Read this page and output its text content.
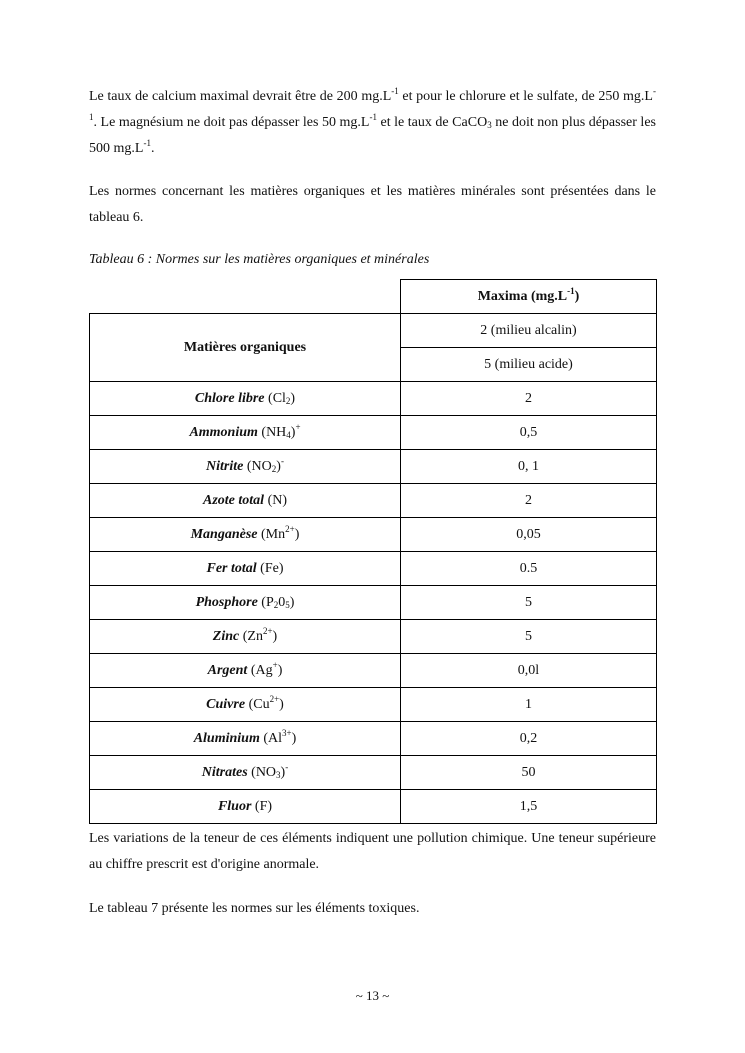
Le taux de calcium maximal devrait être de 200 $mg.L^{-1}$ et pour le chlorure et le sulfate, de 250 $mg.L^{-1}$. Le magnésium ne doit pas dépasser les 50 $mg.L^{-1}$ et le taux de CaCO$_3$ ne doit non plus dépasser les 500 $mg.L^{-1}$.

Les normes concernant les matières organiques et les matières minérales sont présentées dans le tableau 6.

Tableau 6 : Normes sur les matières organiques et minérales

	Maxima $(mg.L^{-1})$
Matières organiques	2 (milieu alcalin)
	5 (milieu acide)
Chlore libre $(Cl_2)$	2
Ammonium $(NH_4)^+$	0,5
Nitrite $(NO_2)^-$	0, 1
Azote total (N)	2
Manganèse $(Mn^{2+})$	0,05
Fer total (Fe)	0.5
Phosphore $(P_20_5)$	5
Zinc $(Zn^{2+})$	5
Argent (Ag+)	0,0l
Cuivre $(Cu^{2+})$	1
Aluminium $(Al^{3+})$	0,2
Nitrates $(NO_3)^-$	50
Fluor (F)	1,5

Les variations de la teneur de ces éléments indiquent une pollution chimique. Une teneur supérieure au chiffre prescrit est d'origine anormale.

Le tableau 7 présente les normes sur les éléments toxiques.

~ 13 ~
